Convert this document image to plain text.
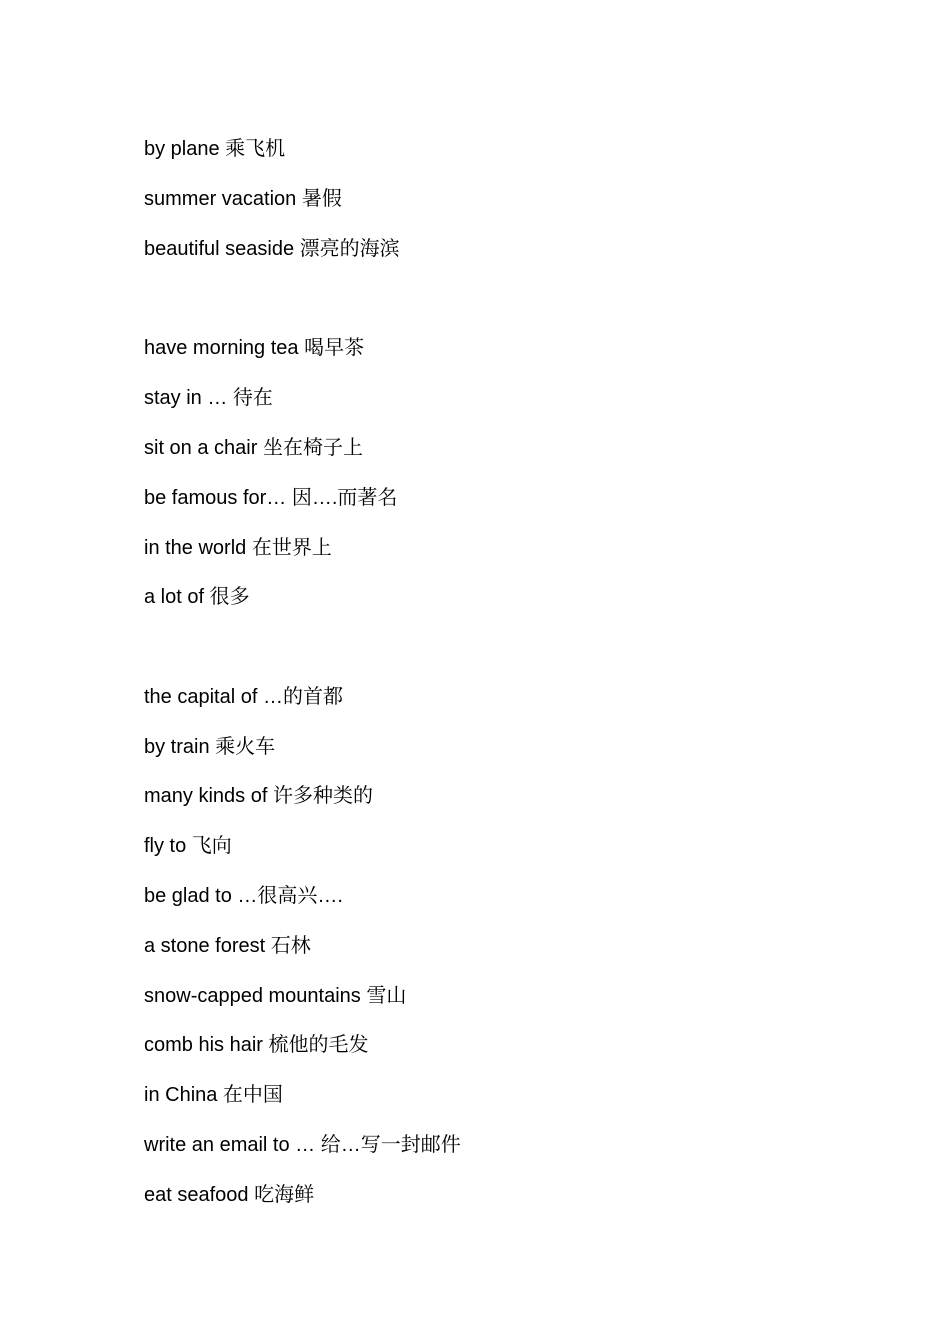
by plane 乘飞机
summer vacation 暑假
beautiful seaside 漂亮的海滨
have morning tea 喝早茶
stay in … 待在
sit on a chair 坐在椅子上
be famous for… 因….而著名
in the world 在世界上
a lot of 很多
the capital of …的首都
by train 乘火车
many kinds of 许多种类的
fly to 飞向
be glad to …很高兴….
a stone forest 石林
snow-capped mountains 雪山
comb his hair 梳他的毛发
in China 在中国
write an email to … 给…写一封邮件
eat seafood 吃海鲜
